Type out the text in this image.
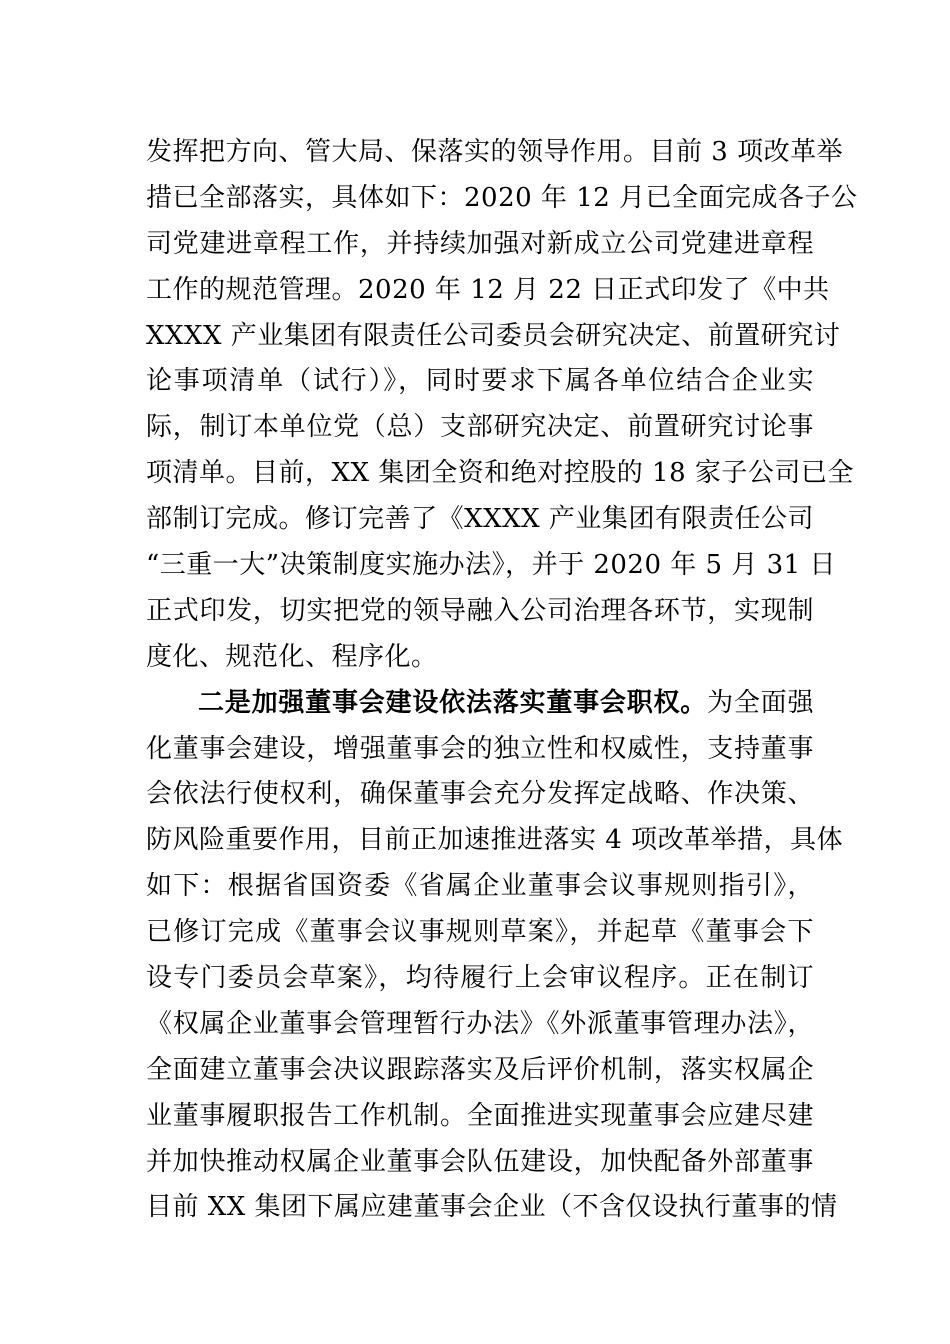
发挥把方向、管大局、保落实的领导作用。目前 3 项改革举
措已全部落实，具体如下：2020 年 12 月已全面完成各子公
司党建进章程工作，并持续加强对新成立公司党建进章程
工作的规范管理。2020 年 12 月 22 日正式印发了《中共
XXXX 产业集团有限责任公司委员会研究决定、前置研究讨
论事项清单（试行）》，同时要求下属各单位结合企业实
际，制订本单位党（总）支部研究决定、前置研究讨论事
项清单。目前，XX 集团全资和绝对控股的 18 家子公司已全
部制订完成。修订完善了《XXXX 产业集团有限责任公司
“三重一大”决策制度实施办法》，并于 2020 年 5 月 31 日
正式印发，切实把党的领导融入公司治理各环节，实现制
度化、规范化、程序化。
二是加强董事会建设依法落实董事会职权。为全面强
化董事会建设，增强董事会的独立性和权威性，支持董事
会依法行使权利，确保董事会充分发挥定战略、作决策、
防风险重要作用，目前正加速推进落实 4 项改革举措，具体
如下：根据省国资委《省属企业董事会议事规则指引》，
已修订完成《董事会议事规则草案》，并起草《董事会下
设专门委员会草案》，均待履行上会审议程序。正在制订
《权属企业董事会管理暂行办法》《外派董事管理办法》，
全面建立董事会决议跟踪落实及后评价机制，落实权属企
业董事履职报告工作机制。全面推进实现董事会应建尽建
并加快推动权属企业董事会队伍建设，加快配备外部董事
目前 XX 集团下属应建董事会企业（不含仅设执行董事的情
